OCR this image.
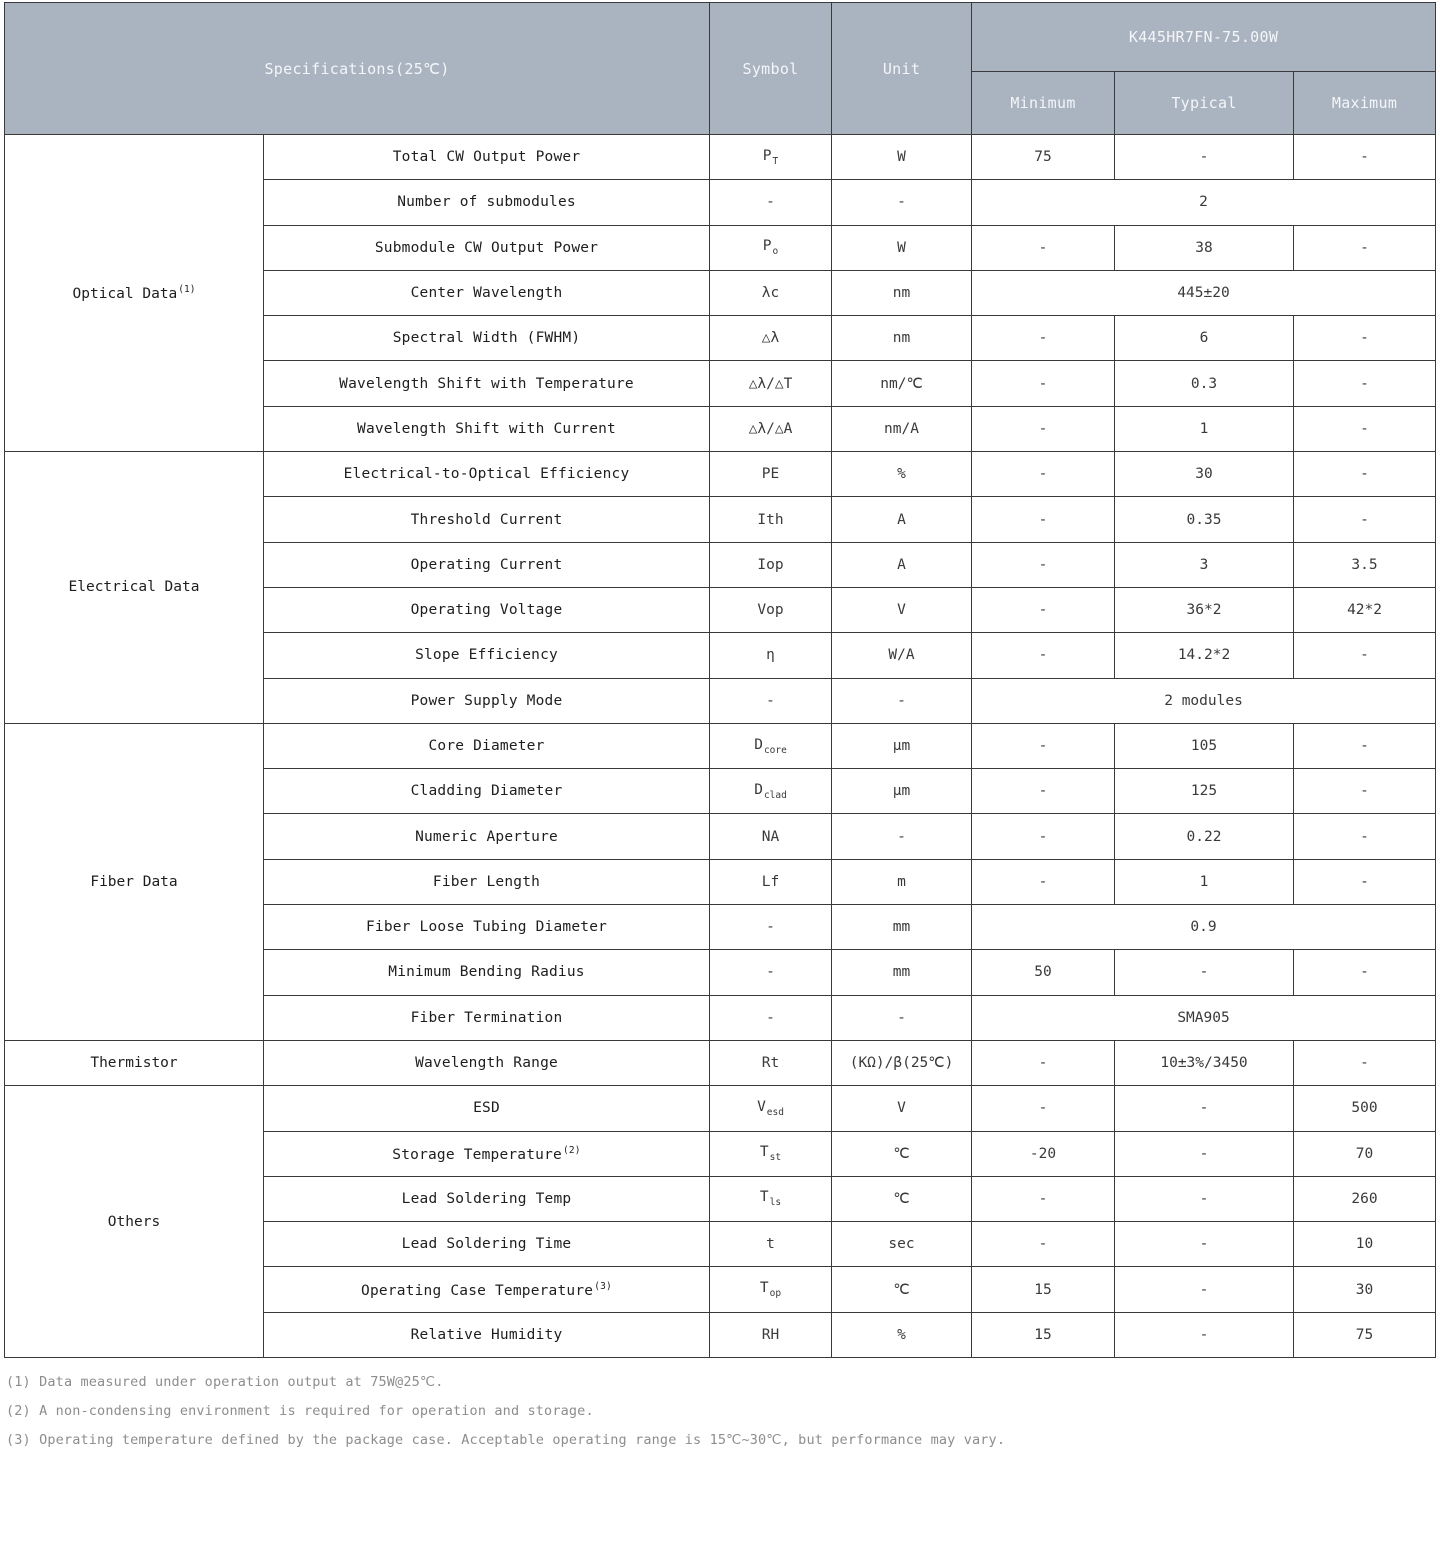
Specifications(25℃)		Symbol	Unit	K445HR7FN-75.00W		
				Minimum	Typical	Maximum
Optical Data$^{(1)}$	Total CW Output Power	$P_T$	W	75	-	-
	Number of submodules	-	-	2		
	Submodule CW Output Power	$P_o$	W	-	38	-
	Center Wavelength	λc	nm	445±20		
	Spectral Width (FWHM)	△λ	nm	-	6	-
	Wavelength Shift with Temperature	△λ/△T	nm/℃	-	0.3	-
	Wavelength Shift with Current	△λ/△A	nm/A	-	1	-
Electrical Data	Electrical-to-Optical Efficiency	PE	%	-	30	-
	Threshold Current	Ith	A	-	0.35	-
	Operating Current	Iop	A	-	3	3.5
	Operating Voltage	Vop	V	-	36*2	42*2
	Slope Efficiency	η	W/A	-	14.2*2	-
	Power Supply Mode	-	-	2 modules		
Fiber Data	Core Diameter	$D_{core}$	μm	-	105	-
	Cladding Diameter	$D_{clad}$	μm	-	125	-
	Numeric Aperture	NA	-	-	0.22	-
	Fiber Length	Lf	m	-	1	-
	Fiber Loose Tubing Diameter	-	mm	0.9		
	Minimum Bending Radius	-	mm	50	-	-
	Fiber Termination	-	-	SMA905		
Thermistor	Wavelength Range	Rt	(KΩ)/β(25℃)	-	10±3%/3450	-
Others	ESD	$V_{esd}$	V	-	-	500
	Storage Temperature$^{(2)}$	$T_{st}$	℃	-20	-	70
	Lead Soldering Temp	$T_{ls}$	℃	-	-	260
	Lead Soldering Time	t	sec	-	-	10
	Operating Case Temperature$^{(3)}$	$T_{op}$	℃	15	-	30
	Relative Humidity	RH	%	15	-	75
(1) Data measured under operation output at 75W@25℃.
(2) A non-condensing environment is required for operation and storage.
(3) Operating temperature defined by the package case. Acceptable operating range is 15℃~30℃, but performance may vary.
